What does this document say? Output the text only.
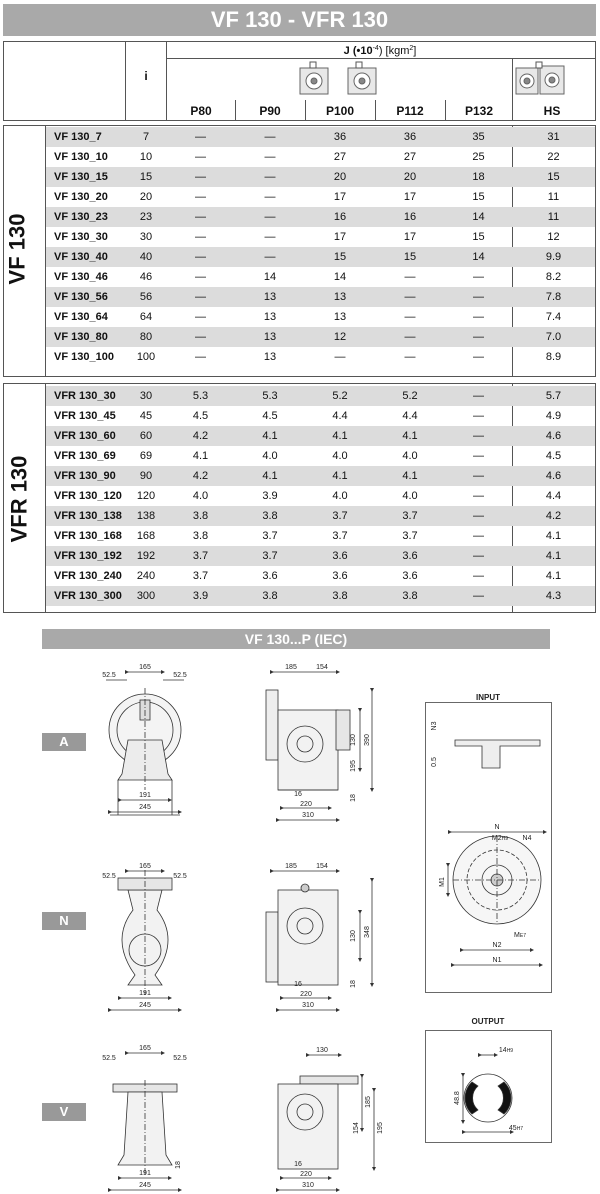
VF 130 - VFR 130
i
J $(•10^{-4})$ [kgm$^2$]
P80	P90	P100	P112	P132	HS
VF 130
VFR 130
VF 130_7	7	—	—	36	36	35	31
VF 130_10	10	—	—	27	27	25	22
VF 130_15	15	—	—	20	20	18	15
VF 130_20	20	—	—	17	17	15	11
VF 130_23	23	—	—	16	16	14	11
VF 130_30	30	—	—	17	17	15	12
VF 130_40	40	—	—	15	15	14	9.9
VF 130_46	46	—	14	14	—	—	8.2
VF 130_56	56	—	13	13	—	—	7.8
VF 130_64	64	—	13	13	—	—	7.4
VF 130_80	80	—	13	12	—	—	7.0
VF 130_100	100	—	13	—	—	—	8.9
VFR 130_30	30	5.3	5.3	5.2	5.2	—	5.7
VFR 130_45	45	4.5	4.5	4.4	4.4	—	4.9
VFR 130_60	60	4.2	4.1	4.1	4.1	—	4.6
VFR 130_69	69	4.1	4.0	4.0	4.0	—	4.5
VFR 130_90	90	4.2	4.1	4.1	4.1	—	4.6
VFR 130_120	120	4.0	3.9	4.0	4.0	—	4.4
VFR 130_138	138	3.8	3.8	3.7	3.7	—	4.2
VFR 130_168	168	3.8	3.7	3.7	3.7	—	4.1
VFR 130_192	192	3.7	3.7	3.6	3.6	—	4.1
VFR 130_240	240	3.7	3.6	3.6	3.6	—	4.1
VFR 130_300	300	3.9	3.8	3.8	3.8	—	4.3
VF 130...P (IEC)
A
N
V
165
52.5	52.5
191
245
185	154
130 390
195
18
16
220
310
INPUT
N3
0.5
N
M2H9 N4
M1
ME7
N2
N1
165
52.5	52.5
191
245
185	154
130 348
18
16
220
310
OUTPUT
14H9
48.8
45H7
165
52.5	52.5
191
245
18
130
185
154 195
16
220
310
